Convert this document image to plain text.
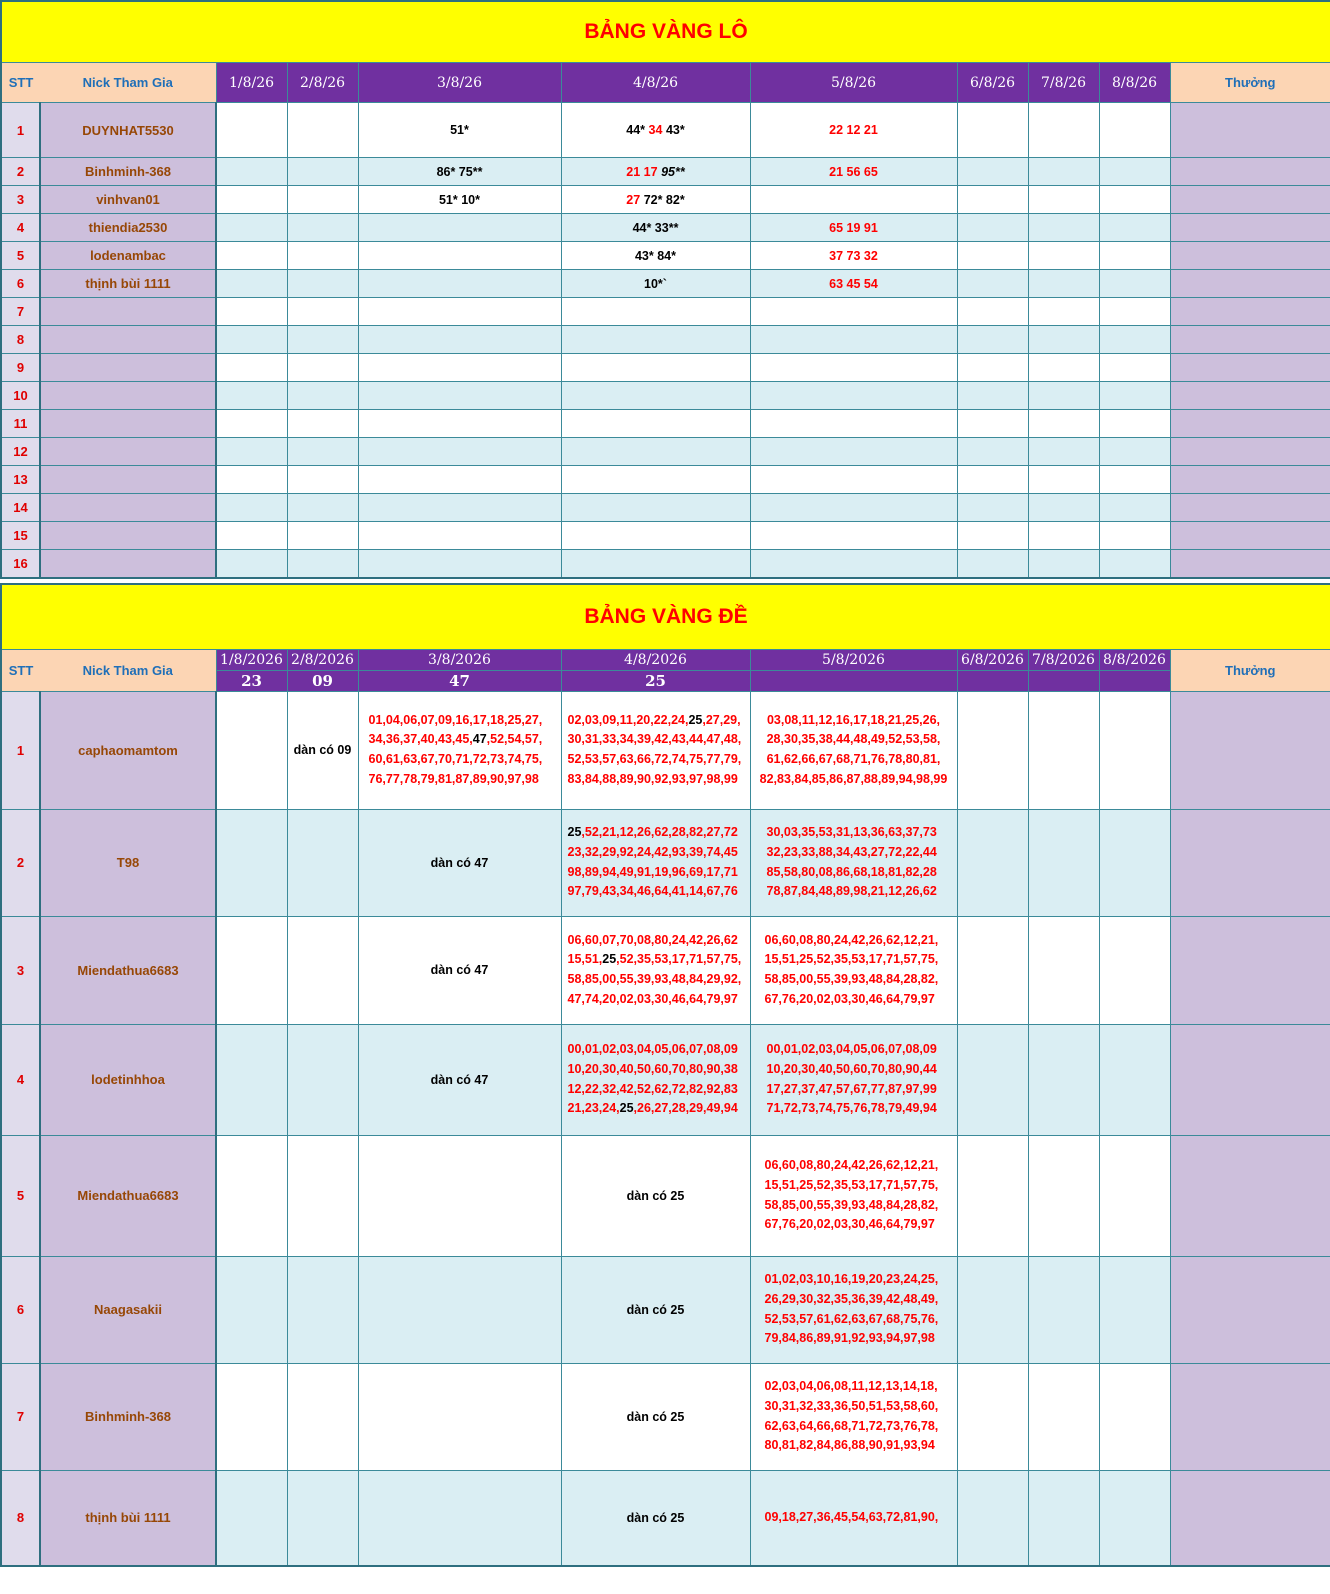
BẢNG VÀNG LÔ										
STT	Nick Tham Gia	1/8/26	2/8/26	3/8/26	4/8/26	5/8/26	6/8/26	7/8/26	8/8/26	Thưởng
1	DUYNHAT5530			51*	44* 34 43*	22 12 21				
2	Binhminh-368			86* 75**	21 17 95**	21 56 65				
3	vinhvan01			51* 10*	27 72* 82*					
4	thiendia2530				44* 33**	65 19 91				
5	lodenambac				43* 84*	37 73 32				
6	thịnh bùi 1111				10*`	63 45 54				
7										
8										
9										
10										
11										
12										
13										
14										
15										
16										
BẢNG VÀNG ĐỀ										
STT	Nick Tham Gia	1/8/2026	2/8/2026	3/8/2026	4/8/2026	5/8/2026	6/8/2026	7/8/2026	8/8/2026	Thưởng
		23	09	47	25					
1	caphaomamtom		dàn có 09	01,04,06,07,09,16,17,18,25,27,
34,36,37,40,43,45,47,52,54,57,
60,61,63,67,70,71,72,73,74,75,
76,77,78,79,81,87,89,90,97,98	02,03,09,11,20,22,24,25,27,29,
30,31,33,34,39,42,43,44,47,48,
52,53,57,63,66,72,74,75,77,79,
83,84,88,89,90,92,93,97,98,99	03,08,11,12,16,17,18,21,25,26,
28,30,35,38,44,48,49,52,53,58,
61,62,66,67,68,71,76,78,80,81,
82,83,84,85,86,87,88,89,94,98,99				

2	T98			dàn có 47	25,52,21,12,26,62,28,82,27,72
23,32,29,92,24,42,93,39,74,45
98,89,94,49,91,19,96,69,17,71
97,79,43,34,46,64,41,14,67,76	30,03,35,53,31,13,36,63,37,73
32,23,33,88,34,43,27,72,22,44
85,58,80,08,86,68,18,81,82,28
78,87,84,48,89,98,21,12,26,62				

3	Miendathua6683			dàn có 47	06,60,07,70,08,80,24,42,26,62
15,51,25,52,35,53,17,71,57,75,
58,85,00,55,39,93,48,84,29,92,
47,74,20,02,03,30,46,64,79,97	06,60,08,80,24,42,26,62,12,21,
15,51,25,52,35,53,17,71,57,75,
58,85,00,55,39,93,48,84,28,82,
67,76,20,02,03,30,46,64,79,97				

4	lodetinhhoa			dàn có 47	00,01,02,03,04,05,06,07,08,09
10,20,30,40,50,60,70,80,90,38
12,22,32,42,52,62,72,82,92,83
21,23,24,25,26,27,28,29,49,94	00,01,02,03,04,05,06,07,08,09
10,20,30,40,50,60,70,80,90,44
17,27,37,47,57,67,77,87,97,99
71,72,73,74,75,76,78,79,49,94				

5	Miendathua6683				dàn có 25	06,60,08,80,24,42,26,62,12,21,
15,51,25,52,35,53,17,71,57,75,
58,85,00,55,39,93,48,84,28,82,
67,76,20,02,03,30,46,64,79,97				

6	Naagasakii				dàn có 25	01,02,03,10,16,19,20,23,24,25,
26,29,30,32,35,36,39,42,48,49,
52,53,57,61,62,63,67,68,75,76,
79,84,86,89,91,92,93,94,97,98				

7	Binhminh-368				dàn có 25	02,03,04,06,08,11,12,13,14,18,
30,31,32,33,36,50,51,53,58,60,
62,63,64,66,68,71,72,73,76,78,
80,81,82,84,86,88,90,91,93,94				

8	thịnh bùi 1111				dàn có 25	09,18,27,36,45,54,63,72,81,90,				
